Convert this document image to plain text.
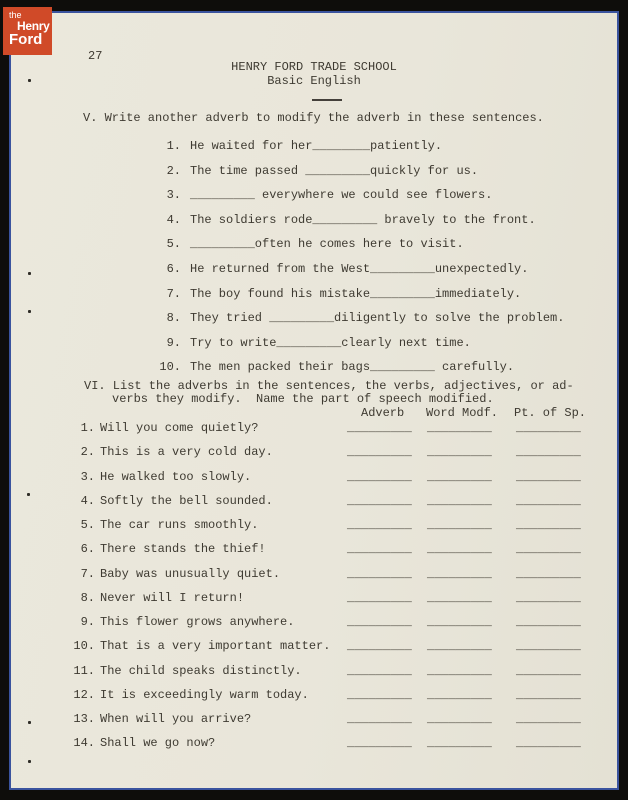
27
HENRY FORD TRADE SCHOOL
Basic English
V. Write another adverb to modify the adverb in these sentences.
1. He waited for her________patiently.
2. The time passed _________quickly for us.
3. _________ everywhere we could see flowers.
4. The soldiers rode_________ bravely to the front.
5. _________often he comes here to visit.
6. He returned from the West_________unexpectedly.
7. The boy found his mistake_________immediately.
8. They tried _________diligently to solve the problem.
9. Try to write_________clearly next time.
10. The men packed their bags_________ carefully.
VI. List the adverbs in the sentences, the verbs, adjectives, or ad-
verbs they modify.  Name the part of speech modified.
Adverb Word Modf. Pt. of Sp.
1. Will you come quietly?	_________ _________ _________
2. This is a very cold day.	_________ _________ _________
3. He walked too slowly.	_________ _________ _________
4. Softly the bell sounded.	_________ _________ _________
5. The car runs smoothly.	_________ _________ _________
6. There stands the thief!	_________ _________ _________
7. Baby was unusually quiet.	_________ _________ _________
8. Never will I return!	_________ _________ _________
9. This flower grows anywhere.	_________ _________ _________
10. That is a very important matter. _________ _________ _________
11. The child speaks distinctly.	_________ _________ _________
12. It is exceedingly warm today.	_________ _________ _________
13. When will you arrive?	_________ _________ _________
14. Shall we go now?	_________ _________ _________
the
Henry
Ford
